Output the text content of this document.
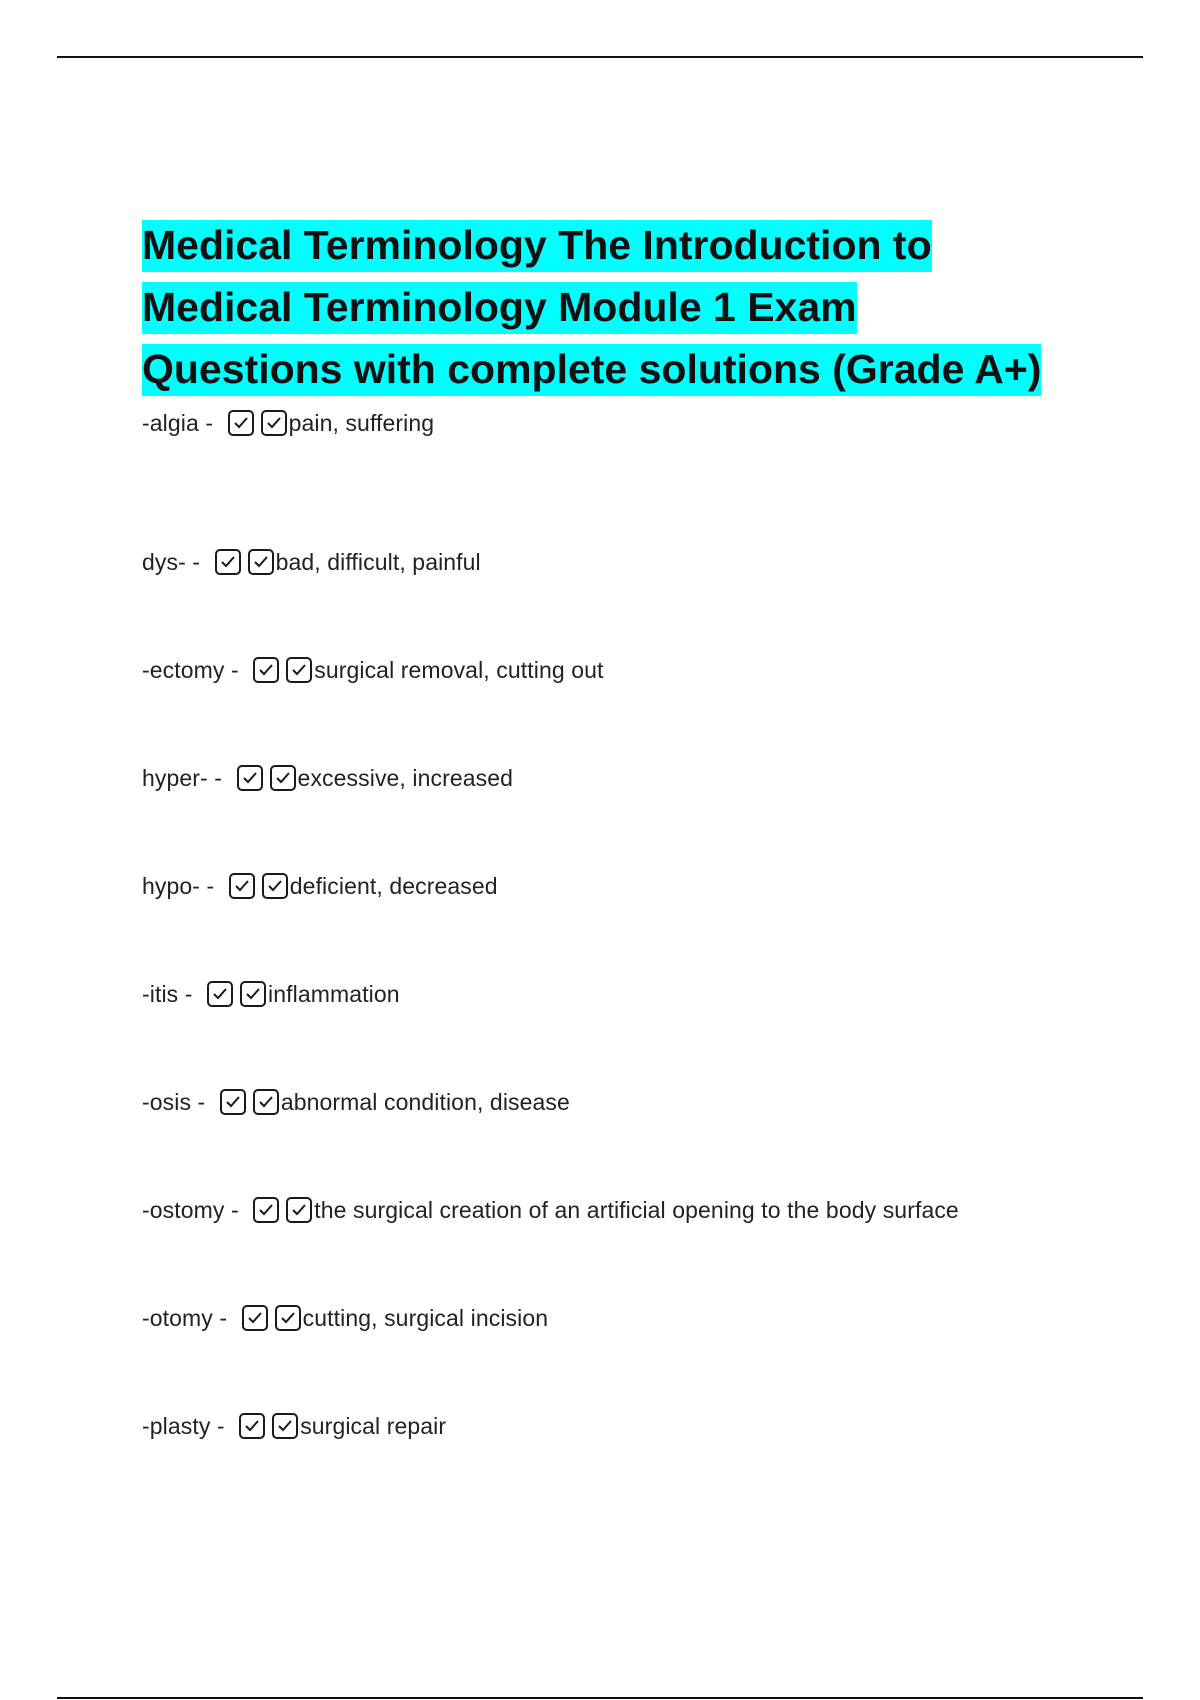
Medical Terminology The Introduction to
Medical Terminology Module 1 Exam
Questions with complete solutions (Grade A+)
-algia -	pain, suffering
dys- -	bad, difficult, painful
-ectomy -	surgical removal, cutting out
hyper- -	excessive, increased
hypo- -	deficient, decreased
-itis -	inflammation
-osis -	abnormal condition, disease
-ostomy -	the surgical creation of an artificial opening to the body surface
-otomy -	cutting, surgical incision
-plasty -	surgical repair
